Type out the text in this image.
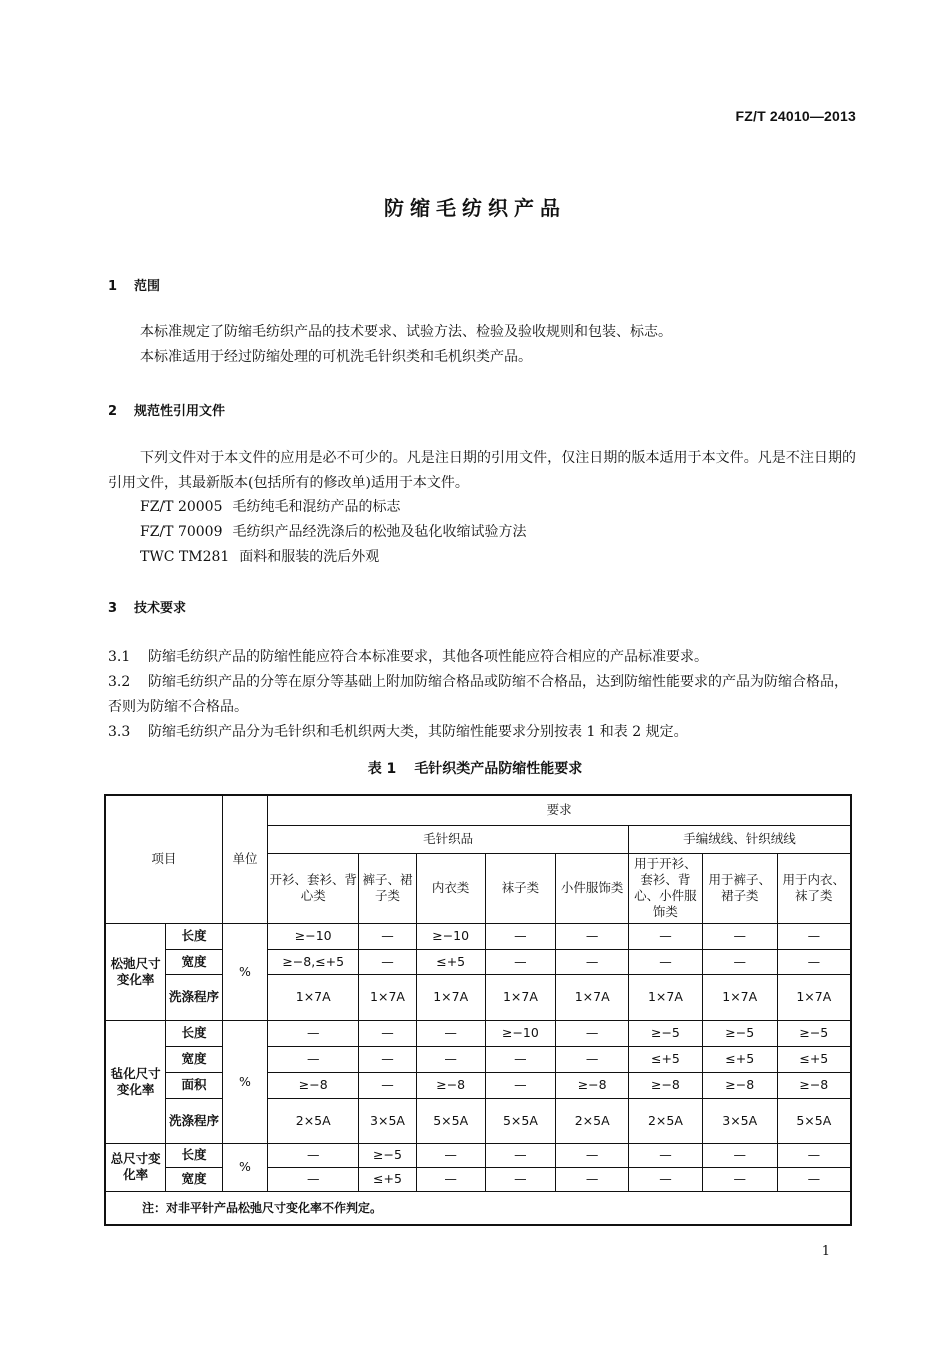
FZ/T 24010—2013
防缩毛纺织产品
1 范围
本标准规定了防缩毛纺织产品的技术要求、试验方法、检验及验收规则和包装、标志。
本标准适用于经过防缩处理的可机洗毛针织类和毛机织类产品。
2 规范性引用文件
下列文件对于本文件的应用是必不可少的。凡是注日期的引用文件，仅注日期的版本适用于本文件。凡是不注日期的引用文件，其最新版本(包括所有的修改单)适用于本文件。
FZ/T 20005 毛纺纯毛和混纺产品的标志
FZ/T 70009 毛纺织产品经洗涤后的松弛及毡化收缩试验方法
TWC TM281 面料和服装的洗后外观
3 技术要求
3.1 防缩毛纺织产品的防缩性能应符合本标准要求，其他各项性能应符合相应的产品标准要求。
3.2 防缩毛纺织产品的分等在原分等基础上附加防缩合格品或防缩不合格品，达到防缩性能要求的产品为防缩合格品，否则为防缩不合格品。
3.3 防缩毛纺织产品分为毛针织和毛机织两大类，其防缩性能要求分别按表 1 和表 2 规定。
表 1 毛针织类产品防缩性能要求
项目		单位	要求							
			毛针织品					手编绒线、针织绒线		
			开衫、套衫、背心类	裤子、裙子类	内衣类	袜子类	小件服饰类	用于开衫、套衫、背心、小件服饰类	用于裤子、裙子类	用于内衣、袜了类
松弛尺寸变化率	长度	%	≥−10	—	≥−10	—	—	—	—	—
	宽度		≥−8,≤+5	—	≤+5	—	—	—	—	—
	洗涤程序		1×7A	1×7A	1×7A	1×7A	1×7A	1×7A	1×7A	1×7A
毡化尺寸变化率	长度	%	—	—	—	≥−10	—	≥−5	≥−5	≥−5
	宽度		—	—	—	—	—	≤+5	≤+5	≤+5
	面积		≥−8	—	≥−8	—	≥−8	≥−8	≥−8	≥−8
	洗涤程序		2×5A	3×5A	5×5A	5×5A	2×5A	2×5A	3×5A	5×5A
总尺寸变化率	长度	%	—	≥−5	—	—	—	—	—	—
	宽度		—	≤+5	—	—	—	—	—	—
注：对非平针产品松弛尺寸变化率不作判定。										
1
